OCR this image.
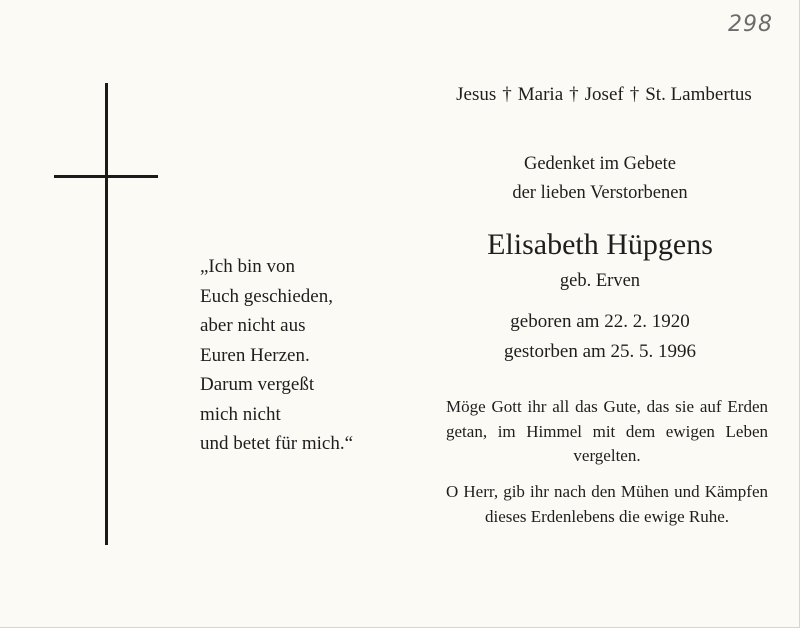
298
„Ich bin von
Euch geschieden,
aber nicht aus
Euren Herzen.
Darum vergeßt
mich nicht
und betet für mich.“
Jesus † Maria † Josef † St. Lambertus
Gedenket im Gebete
der lieben Verstorbenen
Elisabeth Hüpgens
geb. Erven
geboren am 22. 2. 1920
gestorben am 25. 5. 1996
Möge Gott ihr all das Gute, das sie auf Erden getan, im Himmel mit dem ewigen Leben vergelten.
O Herr, gib ihr nach den Mühen und Kämpfen dieses Erdenlebens die ewige Ruhe.
